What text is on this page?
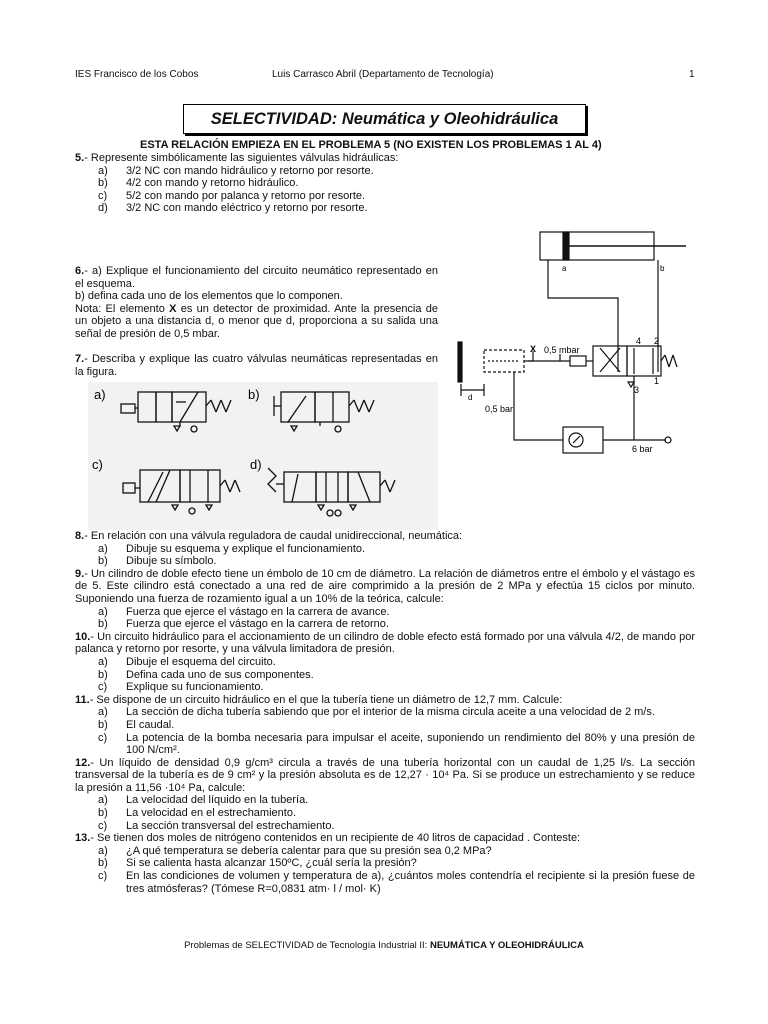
IES Francisco de los Cobos	Luis Carrasco Abril (Departamento de Tecnología)	1
SELECTIVIDAD: Neumática y Oleohidráulica
ESTA RELACIÓN EMPIEZA EN EL PROBLEMA 5 (NO EXISTEN LOS PROBLEMAS 1 AL 4)
5.- Represente simbólicamente las siguientes válvulas hidráulicas:
a)	3/2 NC con mando hidráulico y retorno por resorte.
b)	4/2 con mando y retorno hidráulico.
c)	5/2 con mando por palanca y retorno por resorte.
d)	3/2 NC con mando eléctrico y retorno por resorte.
6.- a) Explique el funcionamiento del circuito neumático representado en el esquema.
b) defina cada uno de los elementos que lo componen.
Nota: El elemento X es un detector de proximidad. Ante la presencia de un objeto a una distancia d, o menor que d, proporciona a su salida una señal de presión de 0,5 mbar.
7.- Describa y explique las cuatro válvulas neumáticas representadas en la figura.
a)	b)
c)	d)
a	b
X 0,5 mbar
d
0,5 bar
6 bar
4 2
3
1
8.- En relación con una válvula reguladora de caudal unidireccional, neumática:
a)	Dibuje su esquema y explique el funcionamiento.
b)	Dibuje su símbolo.
9.- Un cilindro de doble efecto tiene un émbolo de 10 cm de diámetro. La relación de diámetros entre el émbolo y el vástago es de 5. Este cilindro está conectado a una red de aire comprimido a la presión de 2 MPa y efectúa 15 ciclos por minuto. Suponiendo una fuerza de rozamiento igual a un 10% de la teórica, calcule:
a)	Fuerza que ejerce el vástago en la carrera de avance.
b)	Fuerza que ejerce el vástago en la carrera de retorno.
10.- Un circuito hidráulico para el accionamiento de un cilindro de doble efecto está formado por una válvula 4/2, de mando por palanca y retorno por resorte, y una válvula limitadora de presión.
a)	Dibuje el esquema del circuito.
b)	Defina cada uno de sus componentes.
c)	Explique su funcionamiento.
11.- Se dispone de un circuito hidráulico en el que la tubería tiene un diámetro de 12,7 mm. Calcule:
a)	La sección de dicha tubería sabiendo que por el interior de la misma circula aceite a una velocidad de 2 m/s.
b)	El caudal.
c)	La potencia de la bomba necesaria para impulsar el aceite, suponiendo un rendimiento del 80% y una presión de 100 N/cm².
12.- Un líquido de densidad 0,9 g/cm³ circula a través de una tubería horizontal con un caudal de 1,25 l/s. La sección transversal de la tubería es de 9 cm² y la presión absoluta es de 12,27 · 10⁴ Pa. Si se produce un estrechamiento y se reduce la presión a 11,56 ·10⁴ Pa, calcule:
a)	La velocidad del líquido en la tubería.
b)	La velocidad en el estrechamiento.
c)	La sección transversal del estrechamiento.
13.- Se tienen dos moles de nitrógeno contenidos en un recipiente de 40 litros de capacidad . Conteste:
a)	¿A qué temperatura se debería calentar para que su presión sea 0,2 MPa?
b)	Si se calienta hasta alcanzar 150ºC, ¿cuál sería la presión?
c)	En las condiciones de volumen y temperatura de a), ¿cuántos moles contendría el recipiente si la presión fuese de tres atmósferas? (Tómese R=0,0831 atm· l / mol· K)
Problemas de SELECTIVIDAD de Tecnología Industrial II: NEUMÁTICA Y OLEOHIDRÁULICA
